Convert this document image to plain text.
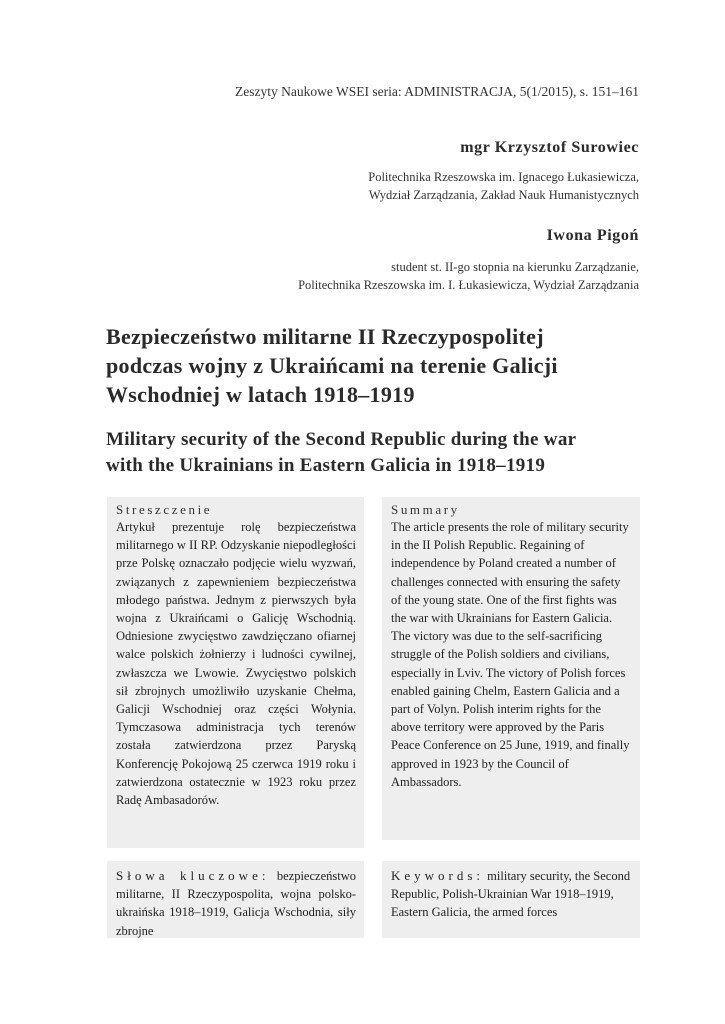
Zeszyty Naukowe WSEI seria: ADMINISTRACJA, 5(1/2015), s. 151–161
mgr Krzysztof Surowiec
Politechnika Rzeszowska im. Ignacego Łukasiewicza,
Wydział Zarządzania, Zakład Nauk Humanistycznych
Iwona Pigoń
student st. II-go stopnia na kierunku Zarządzanie,
Politechnika Rzeszowska im. I. Łukasiewicza, Wydział Zarządzania
Bezpieczeństwo militarne II Rzeczypospolitej
podczas wojny z Ukraińcami na terenie Galicji
Wschodniej w latach 1918–1919
Military security of the Second Republic during the war
with the Ukrainians in Eastern Galicia in 1918–1919
Streszczenie
Artykuł prezentuje rolę bezpieczeństwa militarnego w II RP. Odzyskanie niepodległości prze Polskę oznaczało podjęcie wielu wyzwań, związanych z zapewnieniem bezpieczeństwa młodego państwa. Jednym z pierwszych była wojna z Ukraińcami o Galicję Wschodnią. Odniesione zwycięstwo zawdzięczano ofiarnej walce polskich żołnierzy i ludności cywilnej, zwłaszcza we Lwowie. Zwycięstwo polskich sił zbrojnych umożliwiło uzyskanie Chełma, Galicji Wschodniej oraz części Wołynia. Tymczasowa administracja tych terenów została zatwierdzona przez Paryską Konferencję Pokojową 25 czerwca 1919 roku i zatwierdzona ostatecznie w 1923 roku przez Radę Ambasadorów.
Summary
The article presents the role of military security in the II Polish Republic. Regaining of independence by Poland created a number of challenges connected with ensuring the safety of the young state. One of the first fights was the war with Ukrainians for Eastern Galicia. The victory was due to the self-sacrificing struggle of the Polish soldiers and civilians, especially in Lviv. The victory of Polish forces enabled gaining Chelm, Eastern Galicia and a part of Volyn. Polish interim rights for the above territory were approved by the Paris Peace Conference on 25 June, 1919, and finally approved in 1923 by the Council of Ambassadors.
Słowa kluczowe: bezpieczeństwo militarne, II Rzeczypospolita, wojna polsko-ukraińska 1918–1919, Galicja Wschodnia, siły zbrojne
Keywords: military security, the Second Republic, Polish-Ukrainian War 1918–1919, Eastern Galicia, the armed forces
